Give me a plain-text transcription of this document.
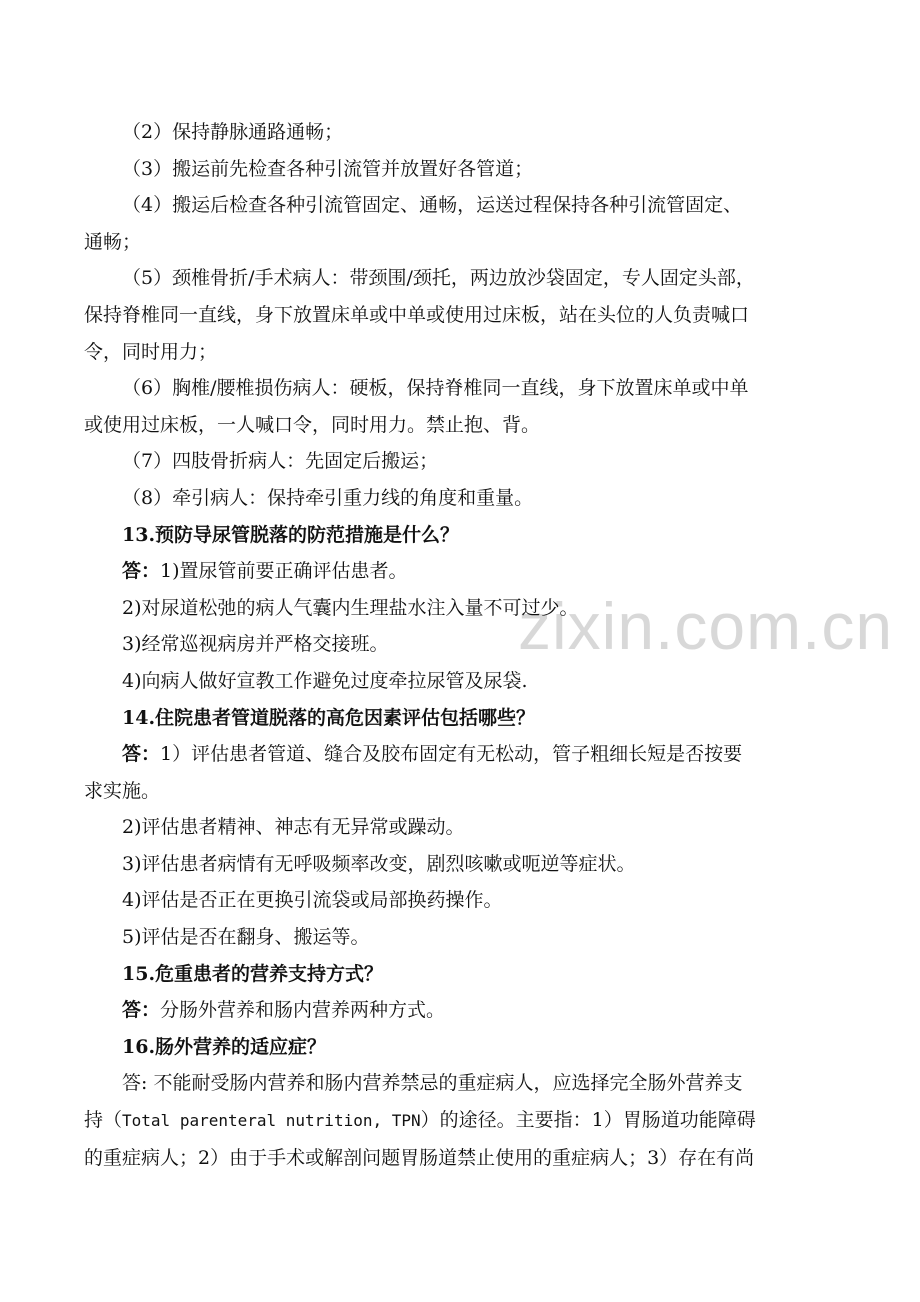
zixin.com.cn

（2）保持静脉通路通畅；

（3）搬运前先检查各种引流管并放置好各管道；

（4）搬运后检查各种引流管固定、通畅，运送过程保持各种引流管固定、

通畅；

（5）颈椎骨折/手术病人：带颈围/颈托，两边放沙袋固定，专人固定头部，

保持脊椎同一直线，身下放置床单或中单或使用过床板，站在头位的人负责喊口

令，同时用力；

（6）胸椎/腰椎损伤病人：硬板，保持脊椎同一直线，身下放置床单或中单

或使用过床板，一人喊口令，同时用力。禁止抱、背。

（7）四肢骨折病人：先固定后搬运；

（8）牵引病人：保持牵引重力线的角度和重量。

13.预防导尿管脱落的防范措施是什么？

答：1)置尿管前要正确评估患者。

2)对尿道松弛的病人气囊内生理盐水注入量不可过少。

3)经常巡视病房并严格交接班。

4)向病人做好宣教工作避免过度牵拉尿管及尿袋.

14.住院患者管道脱落的高危因素评估包括哪些？

答：1）评估患者管道、缝合及胶布固定有无松动，管子粗细长短是否按要

求实施。

2)评估患者精神、神志有无异常或躁动。

3)评估患者病情有无呼吸频率改变，剧烈咳嗽或呃逆等症状。

4)评估是否正在更换引流袋或局部换药操作。

5)评估是否在翻身、搬运等。

15.危重患者的营养支持方式？

答：分肠外营养和肠内营养两种方式。

16.肠外营养的适应症？

答: 不能耐受肠内营养和肠内营养禁忌的重症病人，应选择完全肠外营养支

持（Total parenteral nutrition, TPN）的途径。主要指：1）胃肠道功能障碍

的重症病人；2）由于手术或解剖问题胃肠道禁止使用的重症病人；3）存在有尚
